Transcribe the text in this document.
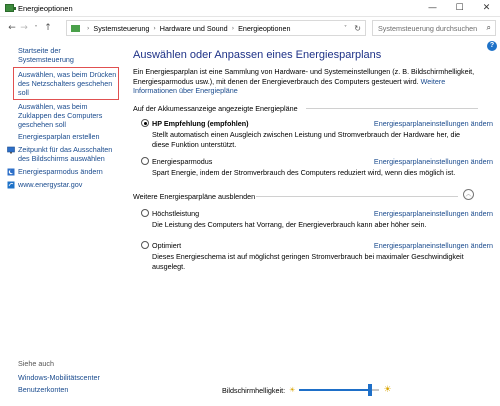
Energieoptionen	—	☐	✕
← →	˅ ↑	› Systemsteuerung › Hardware und Sound › Energieoptionen	˅ ↻ Systemsteuerung durchsuchen ⌕
?
Startseite der Systemsteuerung
Auswählen, was beim Drücken
des Netzschalters geschehen
soll
Auswählen, was beim
Zuklappen des Computers
geschehen soll
Energiesparplan erstellen
Zeitpunkt für das Ausschalten
des Bildschirms auswählen
Energiesparmodus ändern
www.energystar.gov
Siehe auch
Windows-Mobilitätscenter
Benutzerkonten
Auswählen oder Anpassen eines Energiesparplans
Ein Energiesparplan ist eine Sammlung von Hardware- und Systemeinstellungen (z. B. Bildschirmhelligkeit,
Energiesparmodus usw.), mit denen der Energieverbrauch des Computers gesteuert wird. Weitere
Informationen über Energiepläne
Auf der Akkumessanzeige angezeigte Energiepläne
HP Empfehlung (empfohlen)	Energiesparplaneinstellungen ändern
Stellt automatisch einen Ausgleich zwischen Leistung und Stromverbrauch der Hardware her, die
diese Funktion unterstützt.
Energiesparmodus	Energiesparplaneinstellungen ändern
Spart Energie, indem der Stromverbrauch des Computers reduziert wird, wenn dies möglich ist.
Weitere Energiesparpläne ausblenden	︿
Höchstleistung	Energiesparplaneinstellungen ändern
Die Leistung des Computers hat Vorrang, der Energieverbrauch kann aber höher sein.
Optimiert	Energiesparplaneinstellungen ändern
Dieses Energieschema ist auf möglichst geringen Stromverbrauch bei maximaler Geschwindigkeit ausgelegt.
Bildschirmhelligkeit: ☀	☀
